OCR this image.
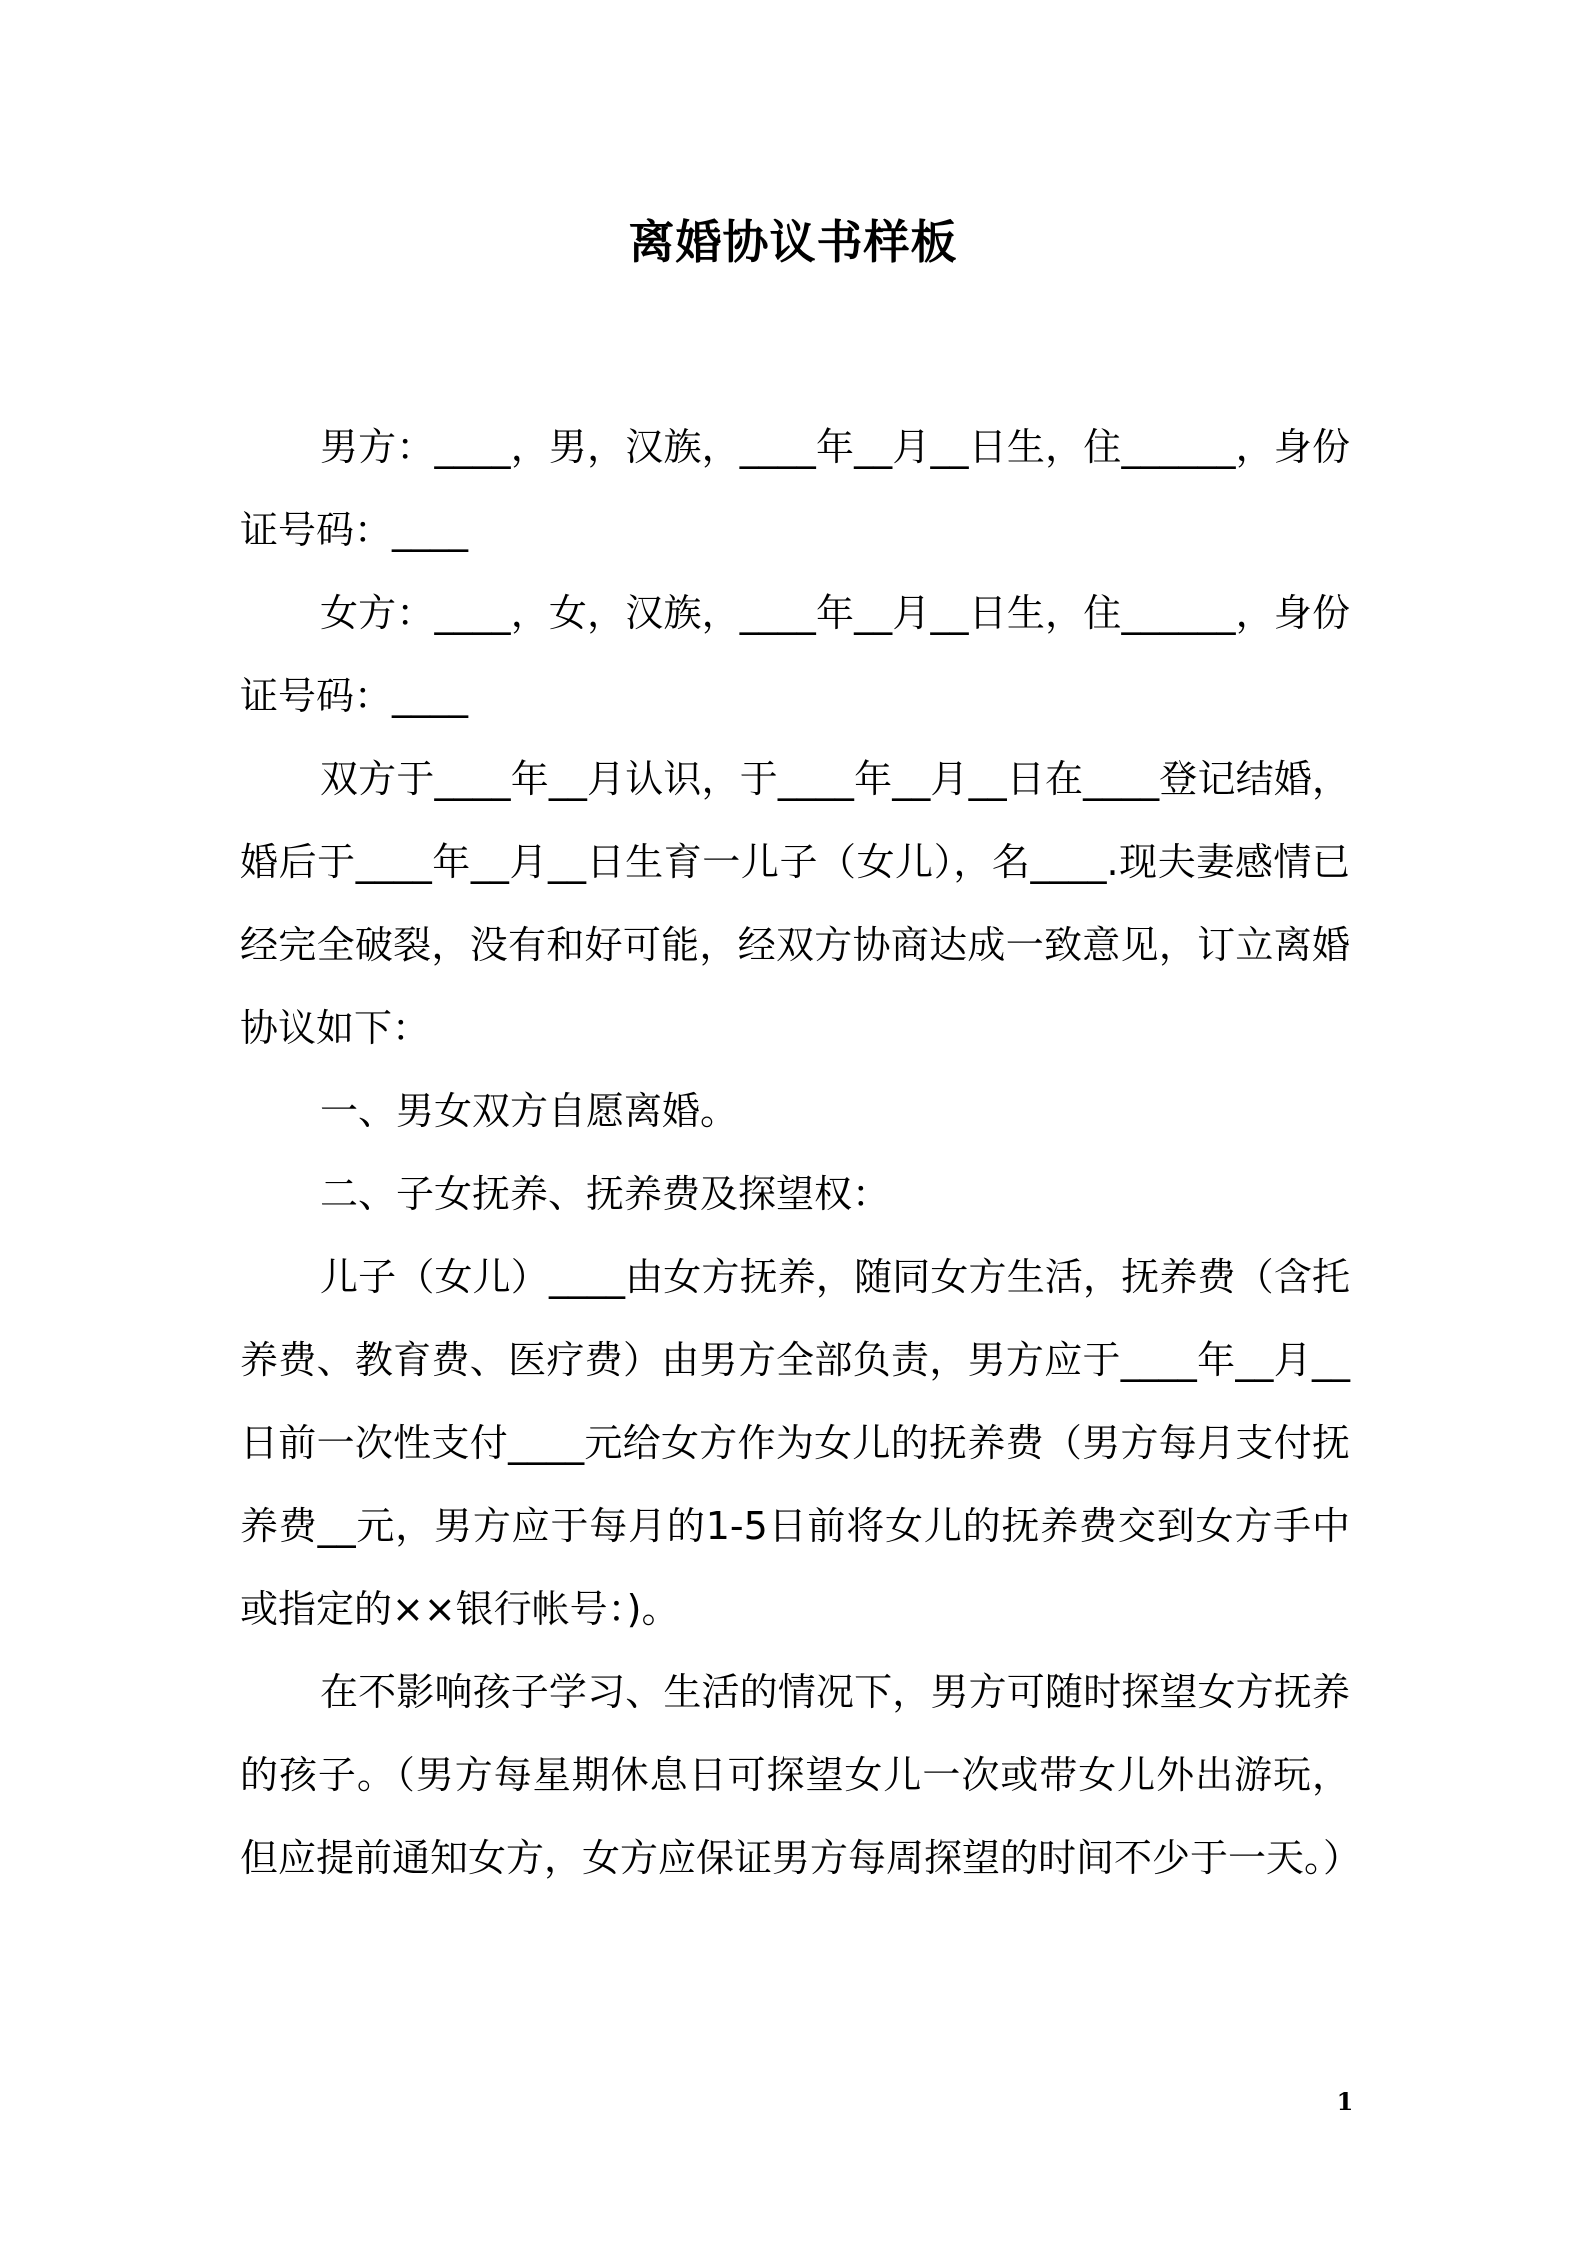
离婚协议书样板

男方：____，男，汉族，____年__月__日生，住______，身份证号码：____

女方：____，女，汉族，____年__月__日生，住______，身份证号码：____

双方于____年__月认识，于____年__月__日在____登记结婚，婚后于____年__月__日生育一儿子（女儿），名____.现夫妻感情已经完全破裂，没有和好可能，经双方协商达成一致意见，订立离婚协议如下：

一、男女双方自愿离婚。

二、子女抚养、抚养费及探望权：

儿子（女儿）____由女方抚养，随同女方生活，抚养费（含托养费、教育费、医疗费）由男方全部负责，男方应于____年__月__日前一次性支付____元给女方作为女儿的抚养费（男方每月支付抚养费__元，男方应于每月的1-5日前将女儿的抚养费交到女方手中或指定的××银行帐号：)。

在不影响孩子学习、生活的情况下，男方可随时探望女方抚养的孩子。（男方每星期休息日可探望女儿一次或带女儿外出游玩，但应提前通知女方，女方应保证男方每周探望的时间不少于一天。）

1
